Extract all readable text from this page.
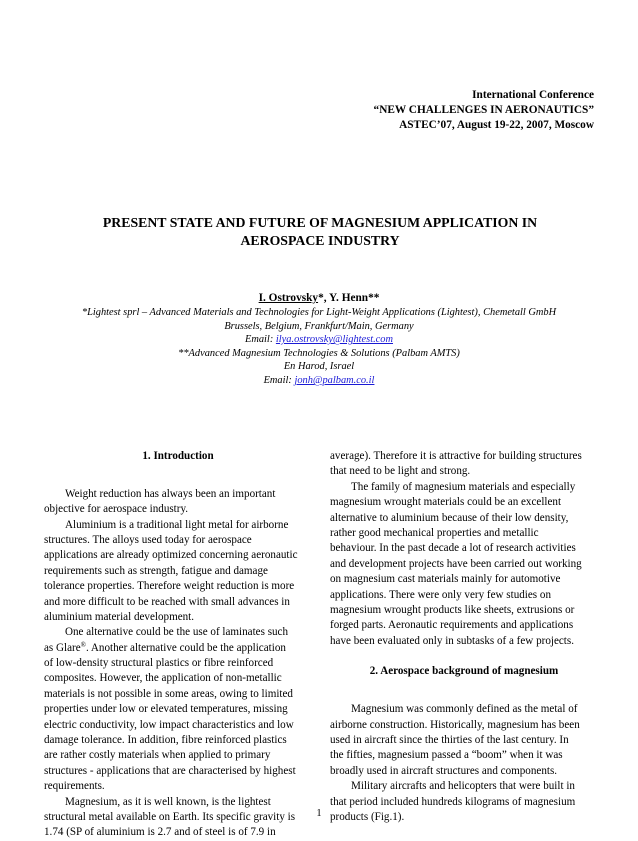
International Conference
“NEW CHALLENGES IN AERONAUTICS”
ASTEC’07, August 19-22, 2007, Moscow
PRESENT STATE AND FUTURE OF MAGNESIUM APPLICATION IN
AEROSPACE INDUSTRY
I. Ostrovsky*, Y. Henn**
*Lightest sprl – Advanced Materials and Technologies for Light-Weight Applications (Lightest), Chemetall GmbH
Brussels, Belgium, Frankfurt/Main, Germany
Email: ilya.ostrovsky@lightest.com
**Advanced Magnesium Technologies & Solutions (Palbam AMTS)
En Harod, Israel
Email: jonh@palbam.co.il
1. Introduction
Weight reduction has always been an important
objective for aerospace industry.
Aluminium is a traditional light metal for airborne
structures. The alloys used today for aerospace
applications are already optimized concerning aeronautic
requirements such as strength, fatigue and damage
tolerance properties. Therefore weight reduction is more
and more difficult to be reached with small advances in
aluminium material development.
One alternative could be the use of laminates such
as Glare®. Another alternative could be the application
of low-density structural plastics or fibre reinforced
composites. However, the application of non-metallic
materials is not possible in some areas, owing to limited
properties under low or elevated temperatures, missing
electric conductivity, low impact characteristics and low
damage tolerance. In addition, fibre reinforced plastics
are rather costly materials when applied to primary
structures - applications that are characterised by highest
requirements.
Magnesium, as it is well known, is the lightest
structural metal available on Earth. Its specific gravity is
1.74 (SP of aluminium is 2.7 and of steel is of 7.9 in
average). Therefore it is attractive for building structures
that need to be light and strong.
The family of magnesium materials and especially
magnesium wrought materials could be an excellent
alternative to aluminium because of their low density,
rather good mechanical properties and metallic
behaviour. In the past decade a lot of research activities
and development projects have been carried out working
on magnesium cast materials mainly for automotive
applications. There were only very few studies on
magnesium wrought products like sheets, extrusions or
forged parts. Aeronautic requirements and applications
have been evaluated only in subtasks of a few projects.
2. Aerospace background of magnesium
Magnesium was commonly defined as the metal of
airborne construction. Historically, magnesium has been
used in aircraft since the thirties of the last century. In
the fifties, magnesium passed a “boom” when it was
broadly used in aircraft structures and components.
Military aircrafts and helicopters that were built in
that period included hundreds kilograms of magnesium
products (Fig.1).
1
